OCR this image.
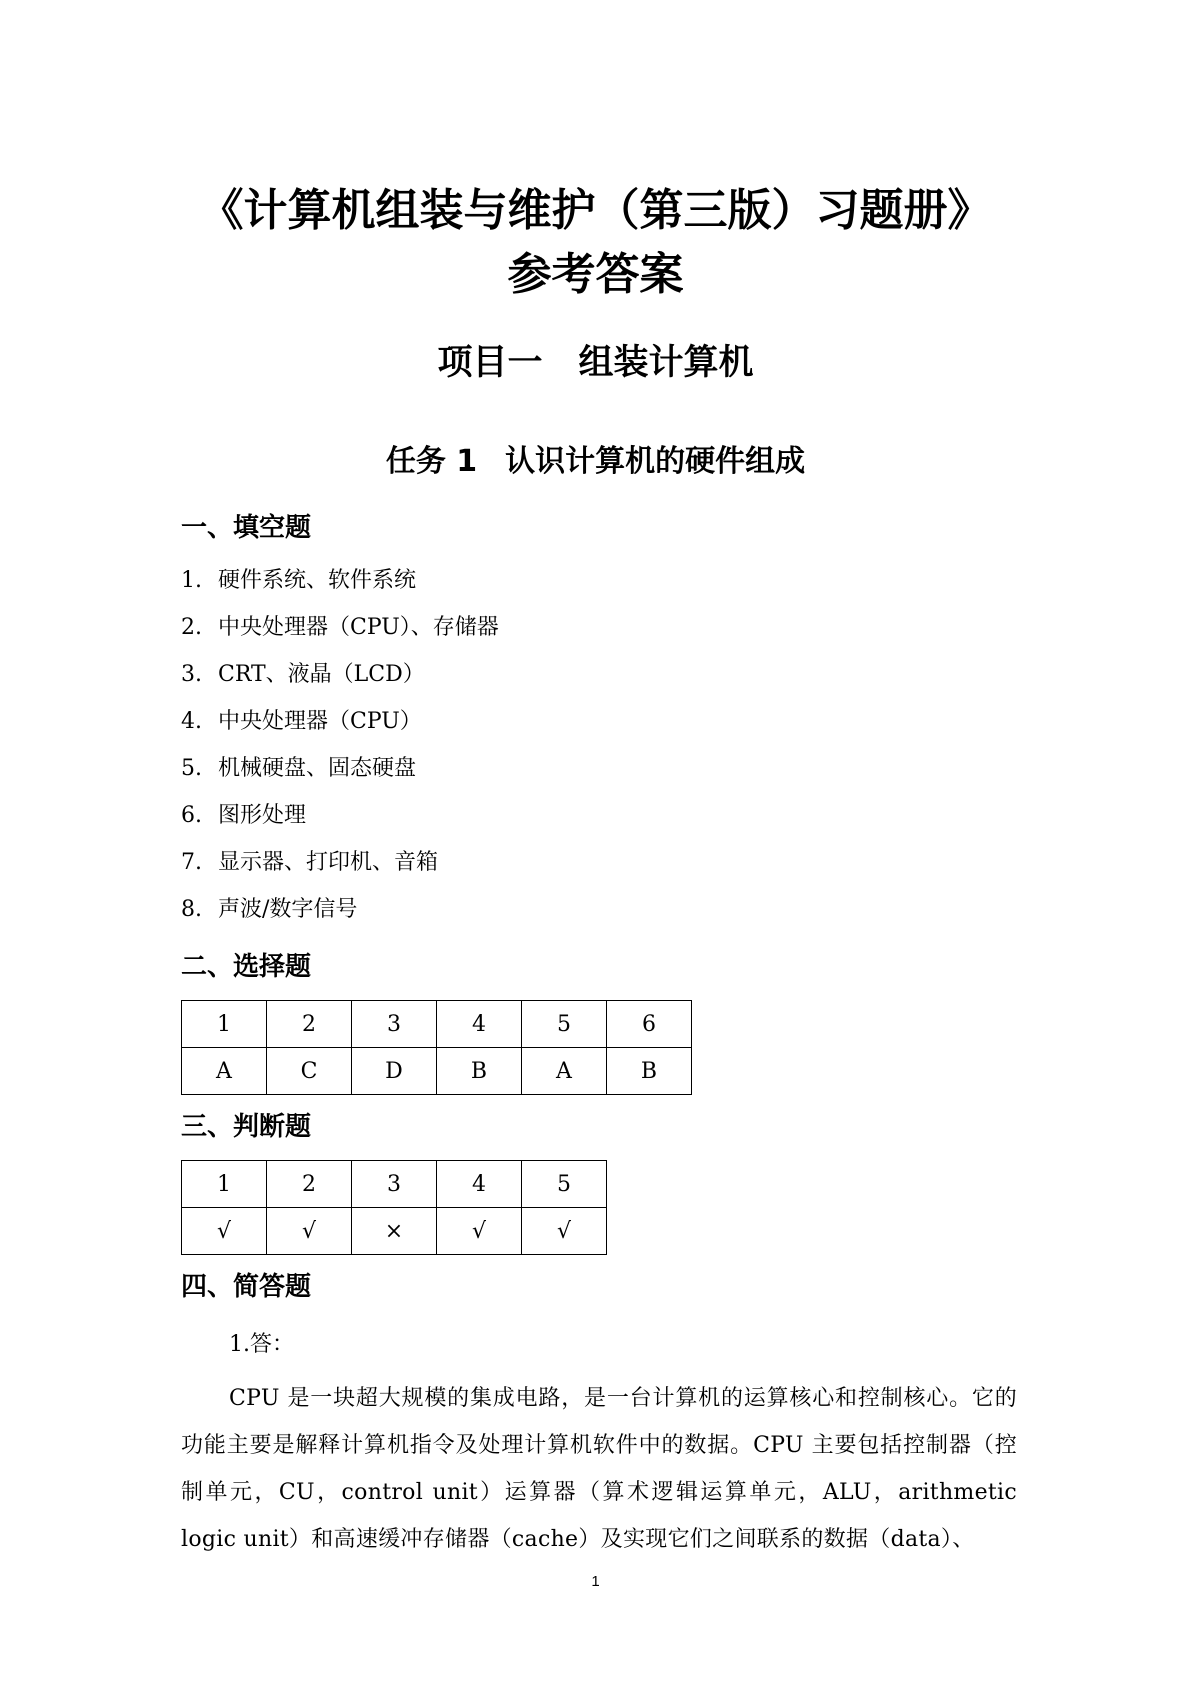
《计算机组装与维护（第三版）习题册》
参考答案
项目一 组装计算机
任务 1 认识计算机的硬件组成
一、填空题
1. 硬件系统、软件系统
2. 中央处理器（CPU）、存储器
3. CRT、液晶（LCD）
4. 中央处理器（CPU）
5. 机械硬盘、固态硬盘
6. 图形处理
7. 显示器、打印机、音箱
8. 声波/数字信号
二、选择题
1	2	3	4	5	6
A	C	D	B	A	B
三、判断题
1	2	3	4	5
√	√	×	√	√
四、简答题

1.答：

CPU 是一块超大规模的集成电路，是一台计算机的运算核心和控制核心。它的功能主要是解释计算机指令及处理计算机软件中的数据。CPU 主要包括控制器（控制单元，CU，control unit）运算器（算术逻辑运算单元，ALU，arithmetic logic unit）和高速缓冲存储器（cache）及实现它们之间联系的数据（data）、

1
